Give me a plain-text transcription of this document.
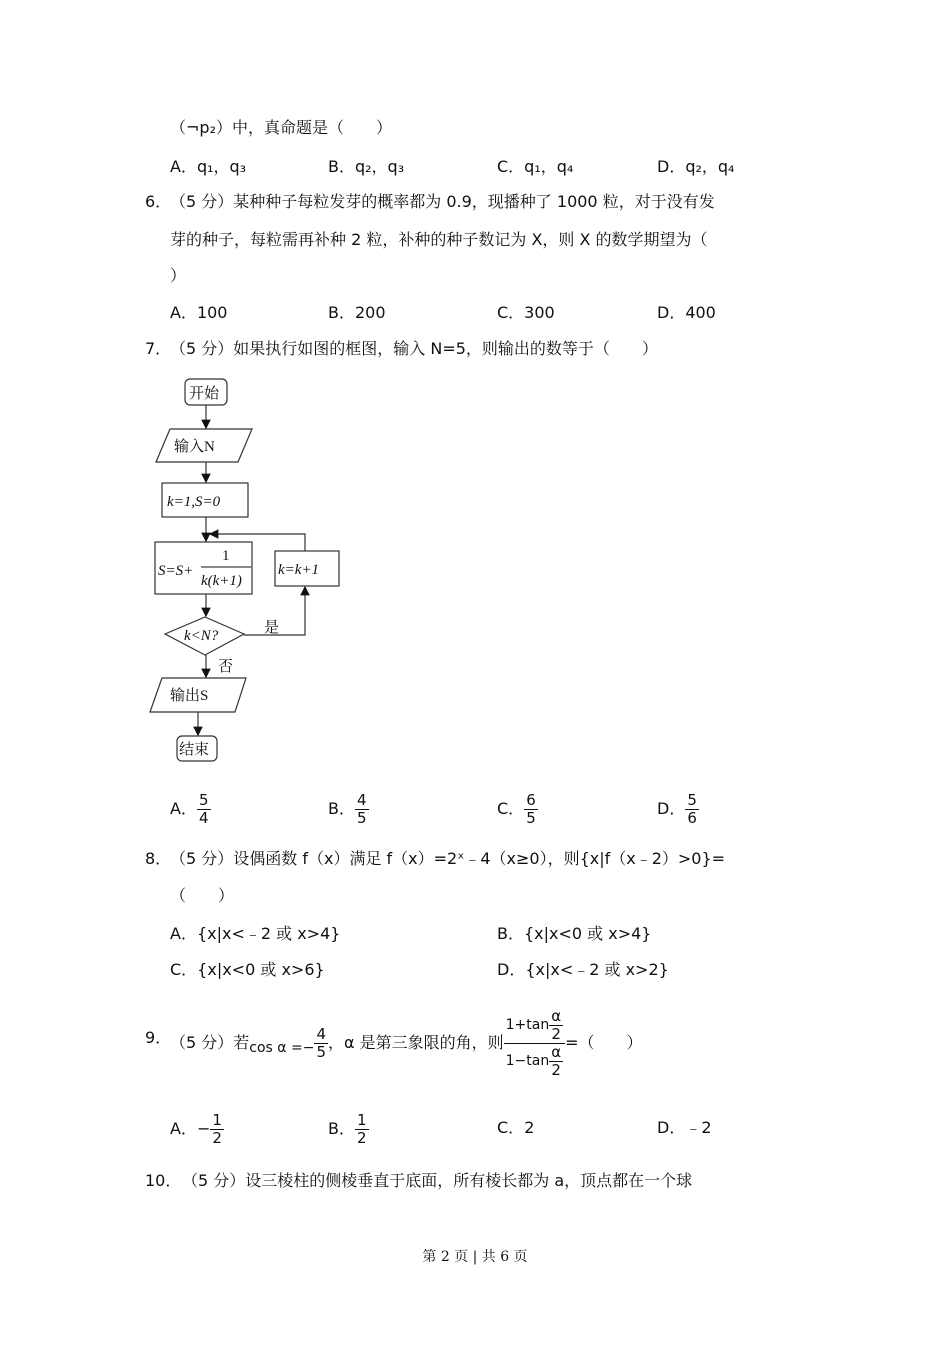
（¬p₂）中，真命题是（　　）
A．q₁，q₃	B．q₂，q₃	C．q₁，q₄	D．q₂，q₄
6．
（5 分）某种种子每粒发芽的概率都为 0.9，现播种了 1000 粒，对于没有发
芽的种子，每粒需再补种 2 粒，补种的种子数记为 X，则 X 的数学期望为（
）
A．100	B．200	C．300	D．400
7．
（5 分）如果执行如图的框图，输入 N=5，则输出的数等于（　　）
开始
输入N
k=1,S=0
S=S+
1
k(k+1)
k=k+1
k<N?	是
否
输出S
结束
A． $\frac{5}{4}$	B． $\frac{4}{5}$	C． $\frac{6}{5}$	D． $\frac{5}{6}$
8．
（5 分）设偶函数 f（x）满足 f（x）=2ˣ﹣4（x≥0），则{x|f（x﹣2）>0}=
（　　）
A．{x|x<﹣2 或 x>4}	B．{x|x<0 或 x>4}
C．{x|x<0 或 x>6}	D．{x|x<﹣2 或 x>2}
9．
（5 分）若 $\cos \alpha =- \frac{4}{5}$ ，α 是第三象限的角，则 $\frac{1+\tan \frac{\alpha}{2}}{1-\tan \frac{\alpha}{2}}$ =（　　）
A．− $\frac{1}{2}$	B． $\frac{1}{2}$	C．2	D．﹣2
10． （5 分）设三棱柱的侧棱垂直于底面，所有棱长都为 a，顶点都在一个球
第 2 页 | 共 6 页
